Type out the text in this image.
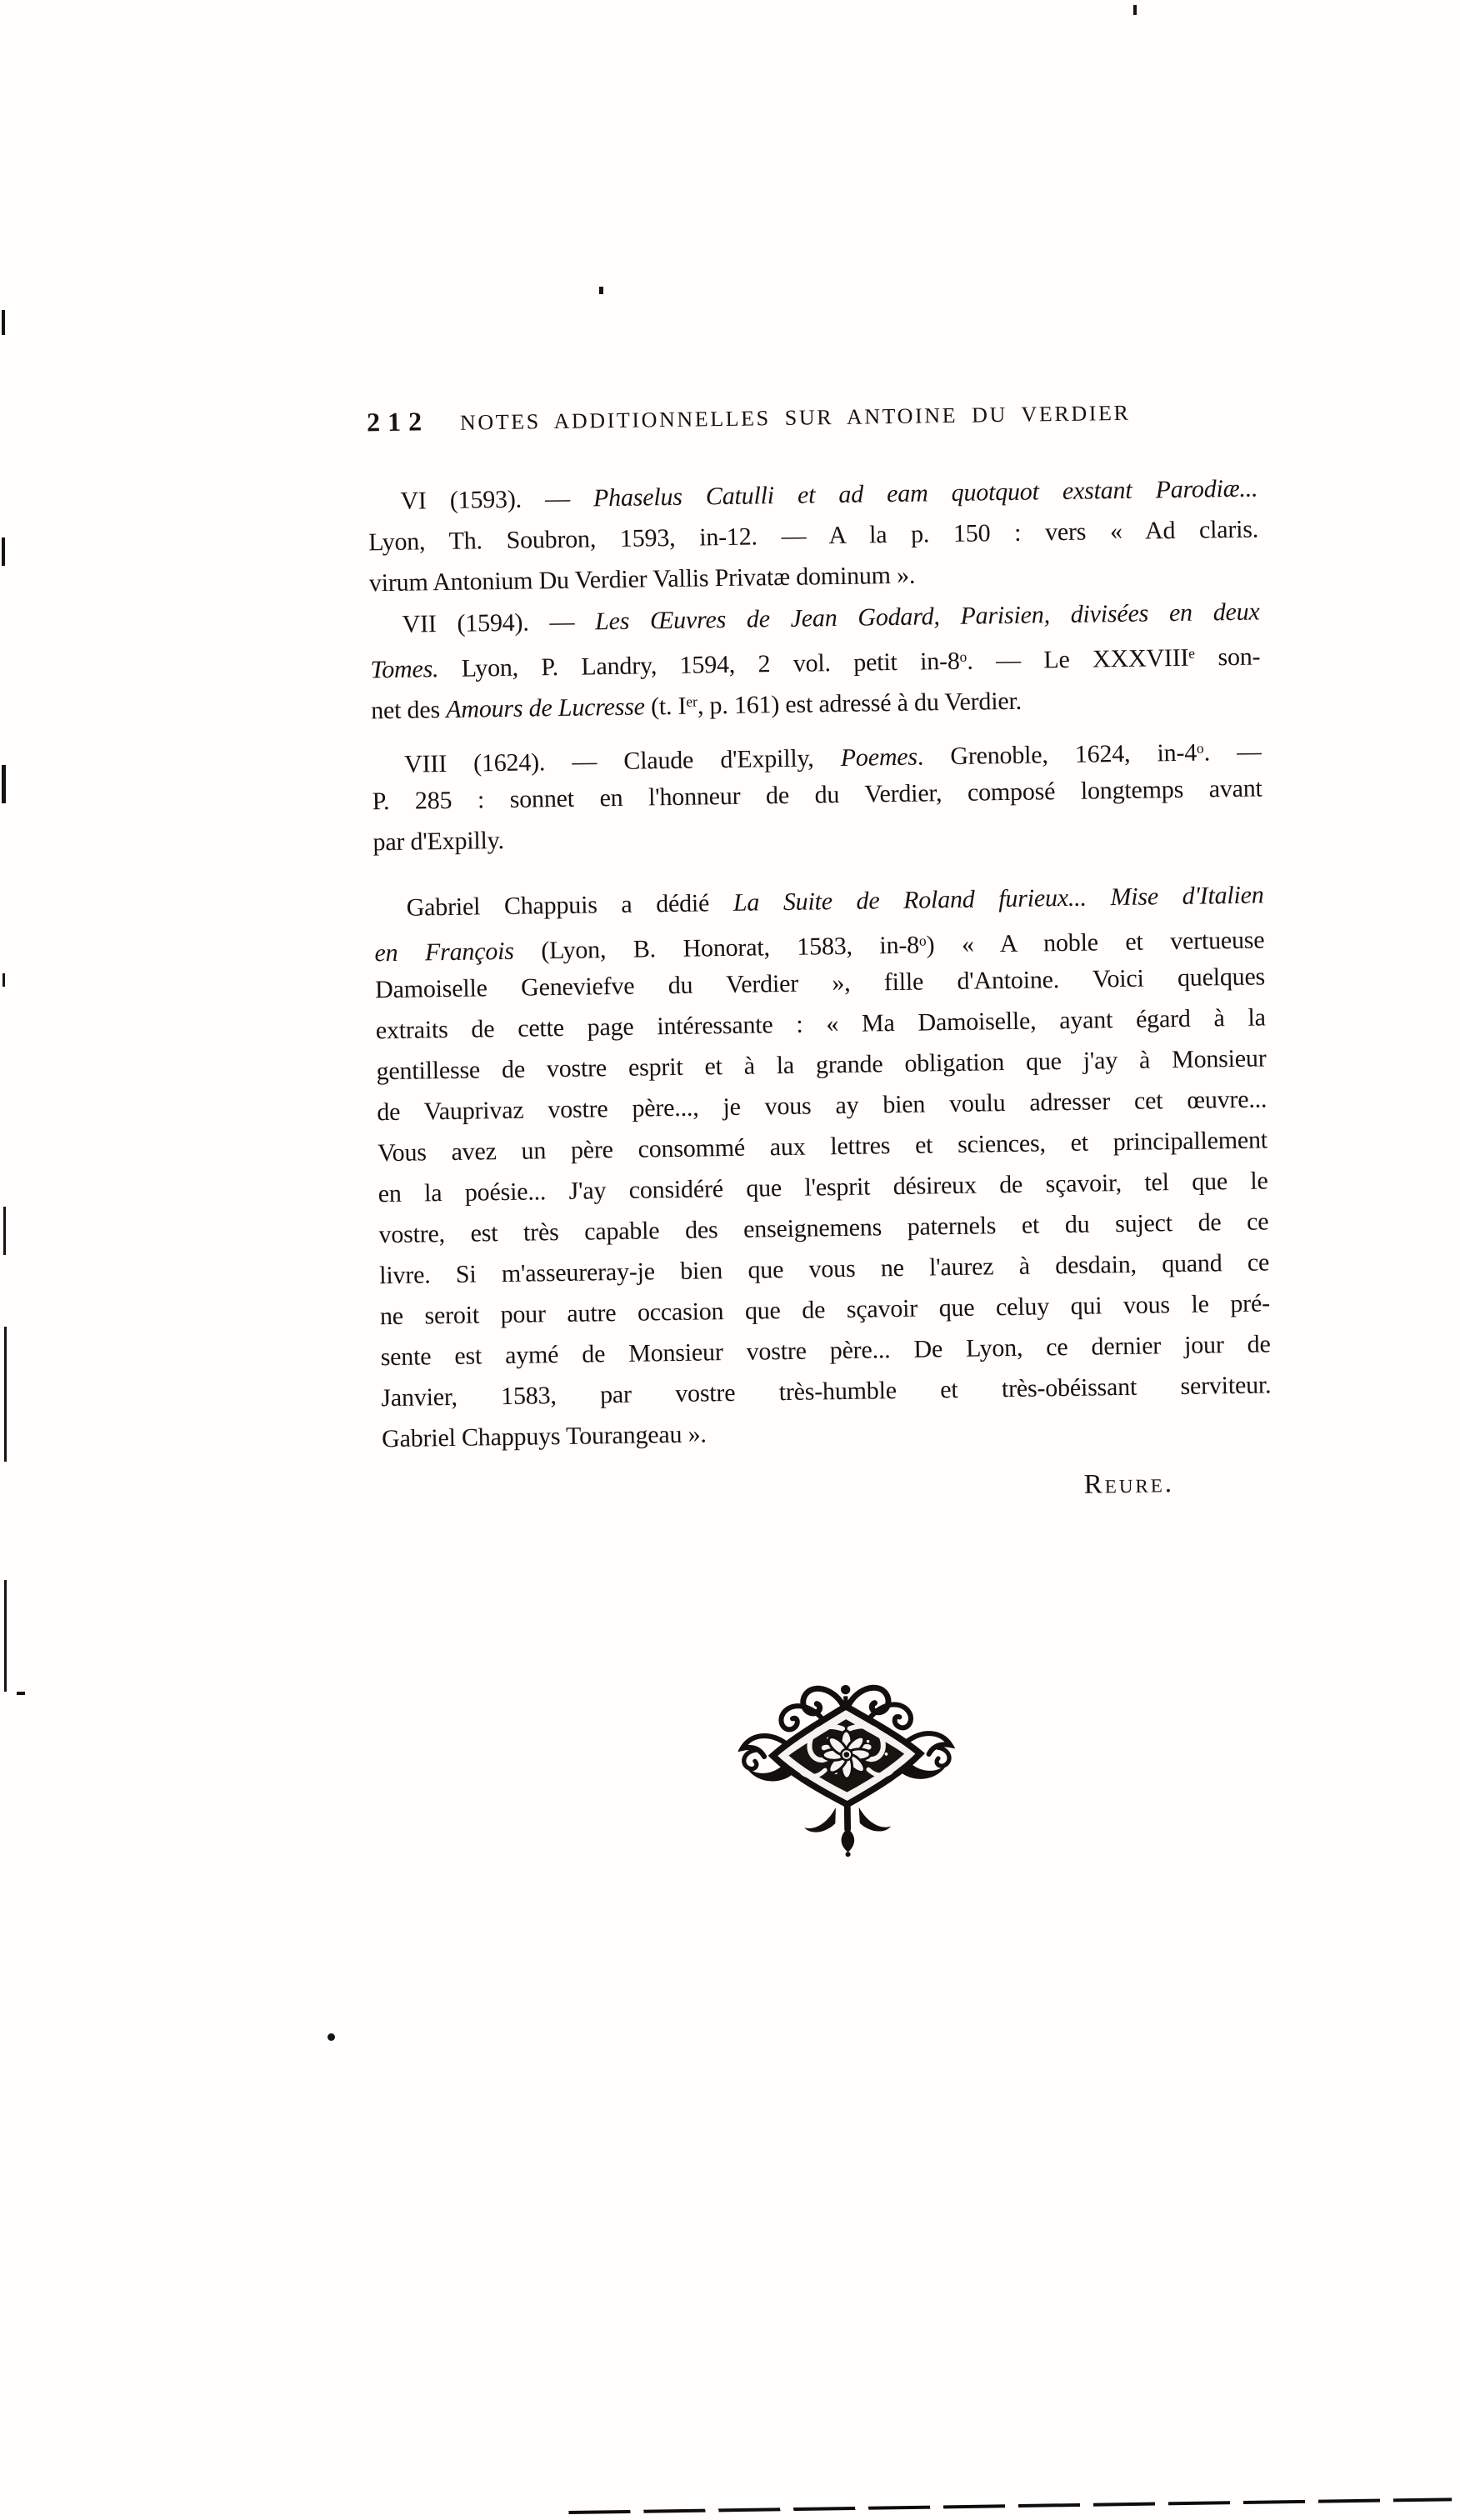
212 NOTES ADDITIONNELLES SUR ANTOINE DU VERDIER
VI (1593). — Phaselus Catulli et ad eam quotquot exstant Parodiæ...
Lyon, Th. Soubron, 1593, in-12. — A la p. 150 : vers « Ad claris.
virum Antonium Du Verdier Vallis Privatæ dominum ».
VII (1594). — Les Œuvres de Jean Godard, Parisien, divisées en deux
Tomes. Lyon, P. Landry, 1594, 2 vol. petit in-8$^o$. — Le XXXVIIIe son-
net des Amours de Lucresse (t. Ier, p. 161) est adressé à du Verdier.
VIII (1624). — Claude d'Expilly, Poemes. Grenoble, 1624, in-4$^o$. —
P. 285 : sonnet en l'honneur de du Verdier, composé longtemps avant
par d'Expilly.
Gabriel Chappuis a dédié La Suite de Roland furieux... Mise d'Italien
en François (Lyon, B. Honorat, 1583, in-8$^o$) « A noble et vertueuse
Damoiselle Geneviefve du Verdier », fille d'Antoine. Voici quelques
extraits de cette page intéressante : « Ma Damoiselle, ayant égard à la
gentillesse de vostre esprit et à la grande obligation que j'ay à Monsieur
de Vauprivaz vostre père..., je vous ay bien voulu adresser cet œuvre...
Vous avez un père consommé aux lettres et sciences, et principallement
en la poésie... J'ay considéré que l'esprit désireux de sçavoir, tel que le
vostre, est très capable des enseignemens paternels et du suject de ce
livre. Si m'asseureray-je bien que vous ne l'aurez à desdain, quand ce
ne seroit pour autre occasion que de sçavoir que celuy qui vous le pré-
sente est aymé de Monsieur vostre père... De Lyon, ce dernier jour de
Janvier, 1583, par vostre très-humble et très-obéissant serviteur.
Gabriel Chappuys Tourangeau ».
Reure.
